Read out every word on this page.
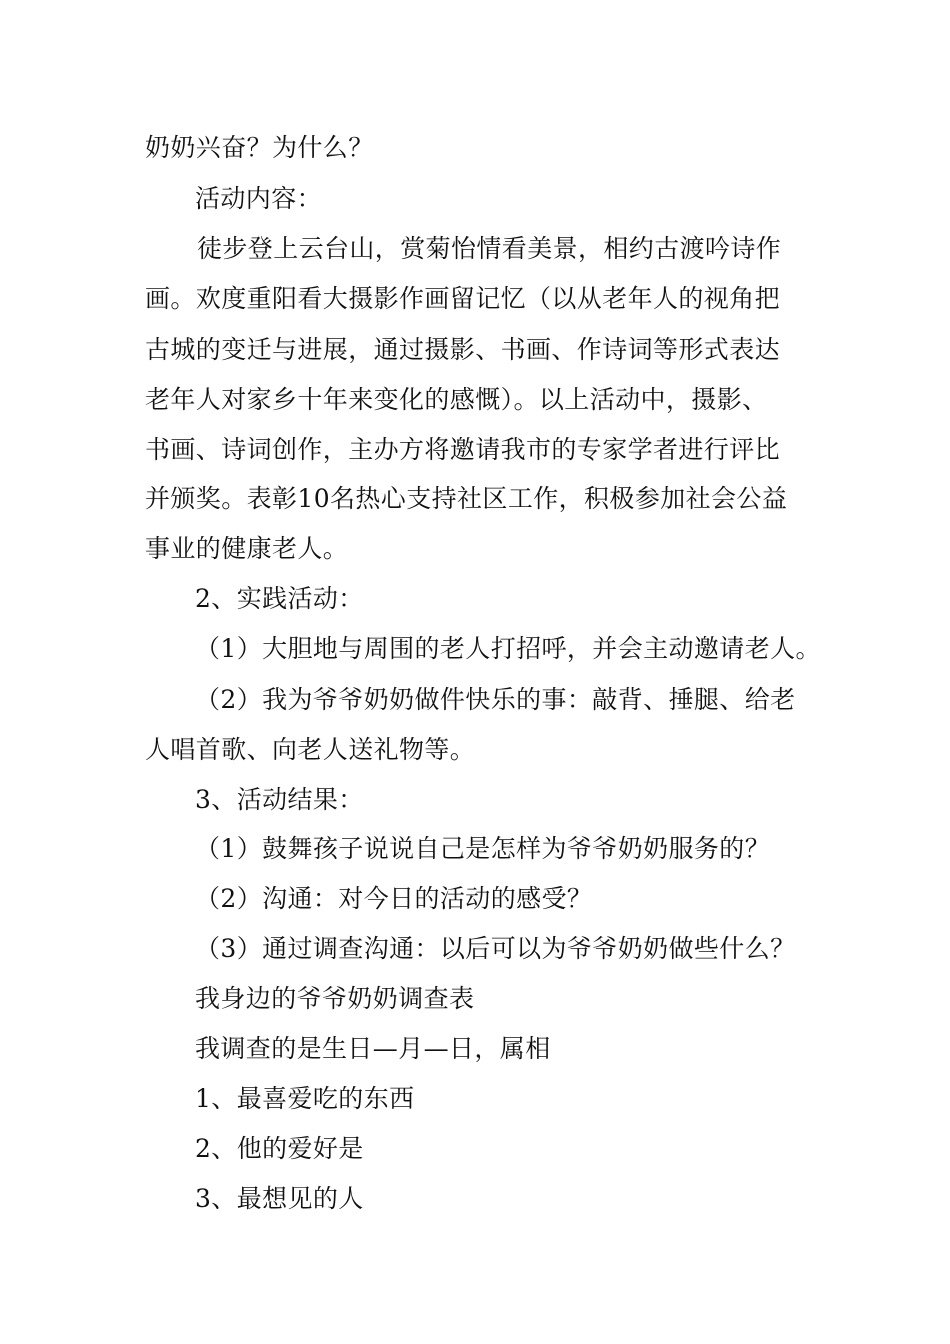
奶奶兴奋？为什么？
活动内容：
徒步登上云台山，赏菊怡情看美景，相约古渡吟诗作
画。欢度重阳看大摄影作画留记忆（以从老年人的视角把
古城的变迁与进展，通过摄影、书画、作诗词等形式表达
老年人对家乡十年来变化的感慨）。以上活动中，摄影、
书画、诗词创作，主办方将邀请我市的专家学者进行评比
并颁奖。表彰10名热心支持社区工作，积极参加社会公益
事业的健康老人。
2、实践活动：
（1）大胆地与周围的老人打招呼，并会主动邀请老人。
（2）我为爷爷奶奶做件快乐的事：敲背、捶腿、给老
人唱首歌、向老人送礼物等。
3、活动结果：
（1）鼓舞孩子说说自己是怎样为爷爷奶奶服务的？
（2）沟通：对今日的活动的感受？
（3）通过调查沟通：以后可以为爷爷奶奶做些什么？
我身边的爷爷奶奶调查表
我调查的是生日—月—日，属相
1、最喜爱吃的东西
2、他的爱好是
3、最想见的人
